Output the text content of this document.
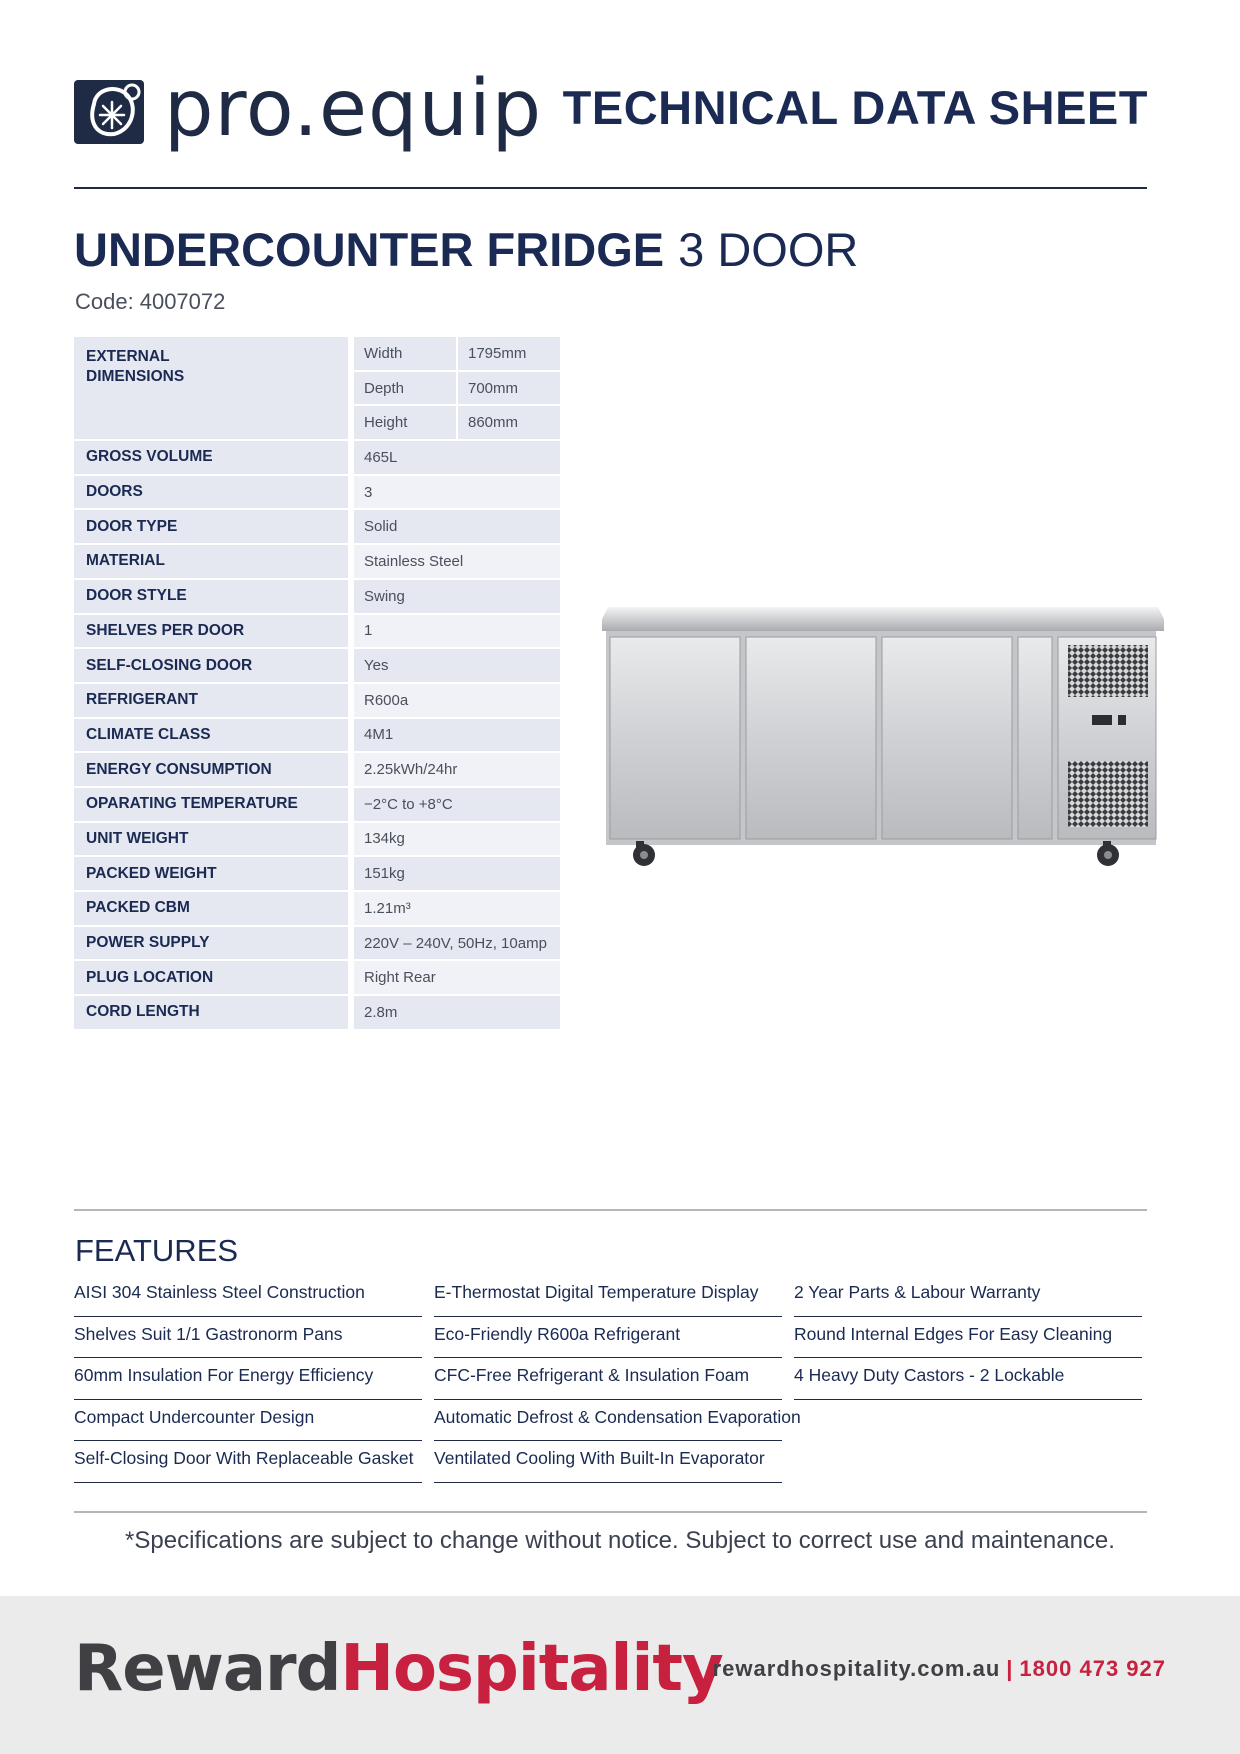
pro.equip TECHNICAL DATA SHEET
UNDERCOUNTER FRIDGE 3 DOOR
Code: 4007072
EXTERNAL
DIMENSIONS	Width	1795mm
	Depth	700mm
	Height	860mm
GROSS VOLUME	465L	
DOORS	3	
DOOR TYPE	Solid	
MATERIAL	Stainless Steel	
DOOR STYLE	Swing	
SHELVES PER DOOR	1	
SELF-CLOSING DOOR	Yes	
REFRIGERANT	R600a	
CLIMATE CLASS	4M1	
ENERGY CONSUMPTION	2.25kWh/24hr	
OPARATING TEMPERATURE	−2°C to +8°C	
UNIT WEIGHT	134kg	
PACKED WEIGHT	151kg	
PACKED CBM	1.21m³	
POWER SUPPLY	220V – 240V, 50Hz, 10amp	
PLUG LOCATION	Right Rear	
CORD LENGTH	2.8m	
FEATURES
AISI 304 Stainless Steel Construction
Shelves Suit 1/1 Gastronorm Pans
60mm Insulation For Energy Efficiency
Compact Undercounter Design
Self-Closing Door With Replaceable Gasket
E-Thermostat Digital Temperature Display
Eco-Friendly R600a Refrigerant
CFC-Free Refrigerant & Insulation Foam
Automatic Defrost & Condensation Evaporation
Ventilated Cooling With Built-In Evaporator
2 Year Parts & Labour Warranty
Round Internal Edges For Easy Cleaning
4 Heavy Duty Castors - 2 Lockable
*Specifications are subject to change without notice. Subject to correct use and maintenance.
RewardHospitality
rewardhospitality.com.au | 1800 473 927
